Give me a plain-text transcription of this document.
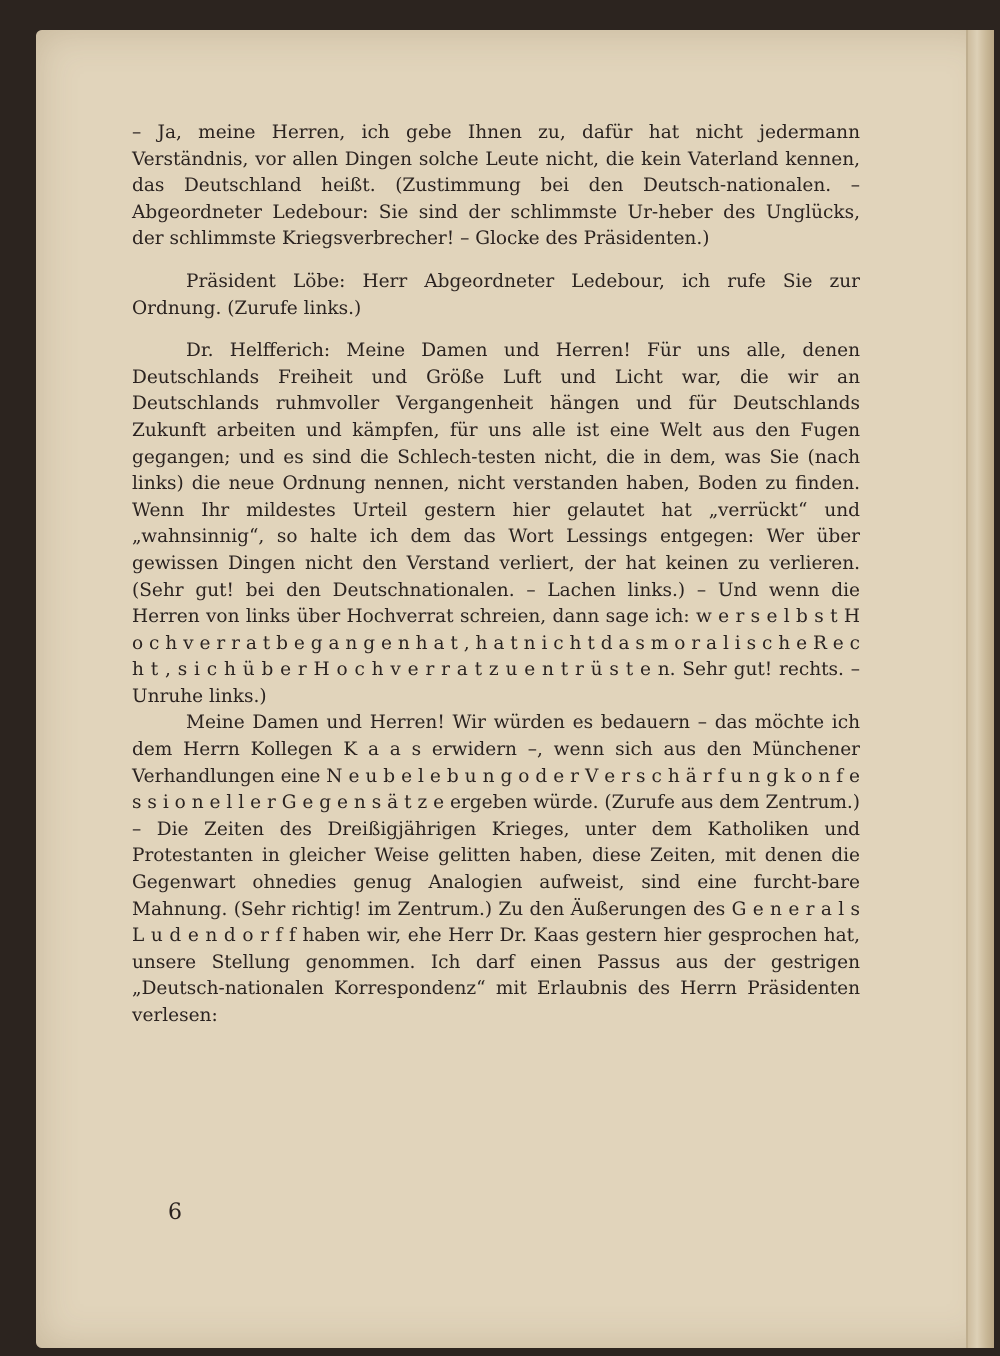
– Ja, meine Herren, ich gebe Ihnen zu, dafür hat nicht jedermann Verständnis, vor allen Dingen solche Leute nicht, die kein Vaterland kennen, das Deutschland heißt. (Zustimmung bei den Deutsch-nationalen. – Abgeordneter Ledebour: Sie sind der schlimmste Ur-heber des Unglücks, der schlimmste Kriegsverbrecher! – Glocke des Präsidenten.)

Präsident Löbe: Herr Abgeordneter Ledebour, ich rufe Sie zur Ordnung. (Zurufe links.)

Dr. Helfferich: Meine Damen und Herren! Für uns alle, denen Deutschlands Freiheit und Größe Luft und Licht war, die wir an Deutschlands ruhmvoller Vergangenheit hängen und für Deutschlands Zukunft arbeiten und kämpfen, für uns alle ist eine Welt aus den Fugen gegangen; und es sind die Schlech-testen nicht, die in dem, was Sie (nach links) die neue Ordnung nennen, nicht verstanden haben, Boden zu finden. Wenn Ihr mildestes Urteil gestern hier gelautet hat „verrückt“ und „wahnsinnig“, so halte ich dem das Wort Lessings entgegen: Wer über gewissen Dingen nicht den Verstand verliert, der hat keinen zu verlieren. (Sehr gut! bei den Deutschnationalen. – Lachen links.) – Und wenn die Herren von links über Hochverrat schreien, dann sage ich: w e r s e l b s t H o c h v e r r a t b e g a n g e n h a t , h a t n i c h t d a s m o r a l i s c h e R e c h t , s i c h ü b e r H o c h v e r r a t z u e n t r ü s t e n. Sehr gut! rechts. – Unruhe links.)

Meine Damen und Herren! Wir würden es bedauern – das möchte ich dem Herrn Kollegen K a a s erwidern –, wenn sich aus den Münchener Verhandlungen eine N e u b e l e b u n g o d e r V e r s c h ä r f u n g k o n f e s s i o n e l l e r G e g e n s ä t z e ergeben würde. (Zurufe aus dem Zentrum.) – Die Zeiten des Dreißigjährigen Krieges, unter dem Katholiken und Protestanten in gleicher Weise gelitten haben, diese Zeiten, mit denen die Gegenwart ohnedies genug Analogien aufweist, sind eine furcht-bare Mahnung. (Sehr richtig! im Zentrum.) Zu den Äußerungen des G e n e r a l s L u d e n d o r f f haben wir, ehe Herr Dr. Kaas gestern hier gesprochen hat, unsere Stellung genommen. Ich darf einen Passus aus der gestrigen „Deutsch-nationalen Korrespondenz“ mit Erlaubnis des Herrn Präsidenten verlesen:

6
